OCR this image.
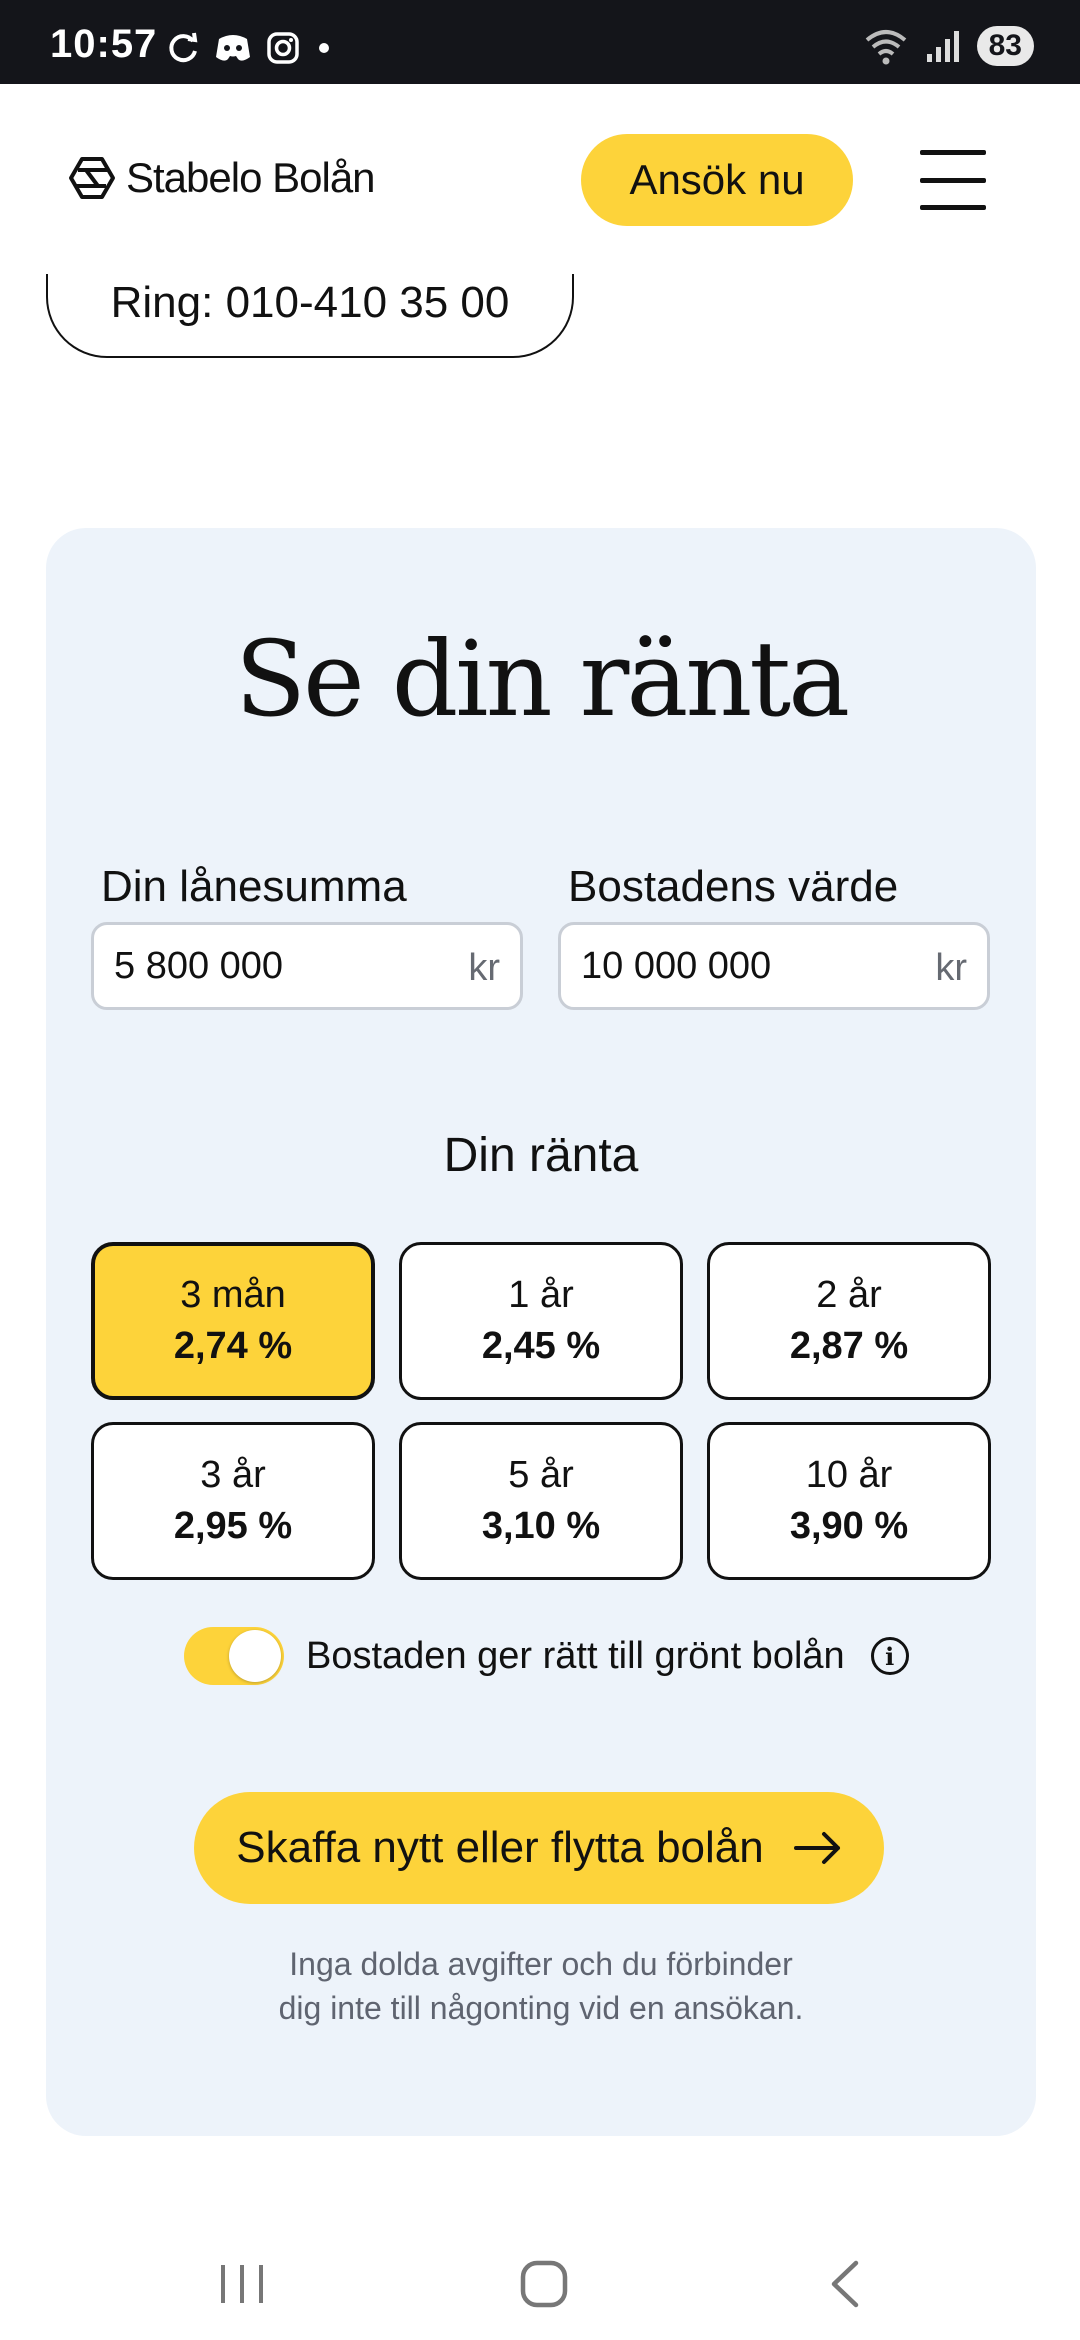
10:57	83
Ring: 010-410 35 00
Stabelo Bolån	Ansök nu
Se din ränta
Din lånesumma
5 800 000	kr
Bostadens värde
10 000 000	kr
Din ränta
3 mån
2,74 %
1 år
2,45 %
2 år
2,87 %
3 år
2,95 %
5 år
3,10 %
10 år
3,90 %
Bostaden ger rätt till grönt bolån	i
Skaffa nytt eller flytta bolån
Inga dolda avgifter och du förbinder
dig inte till någonting vid en ansökan.
